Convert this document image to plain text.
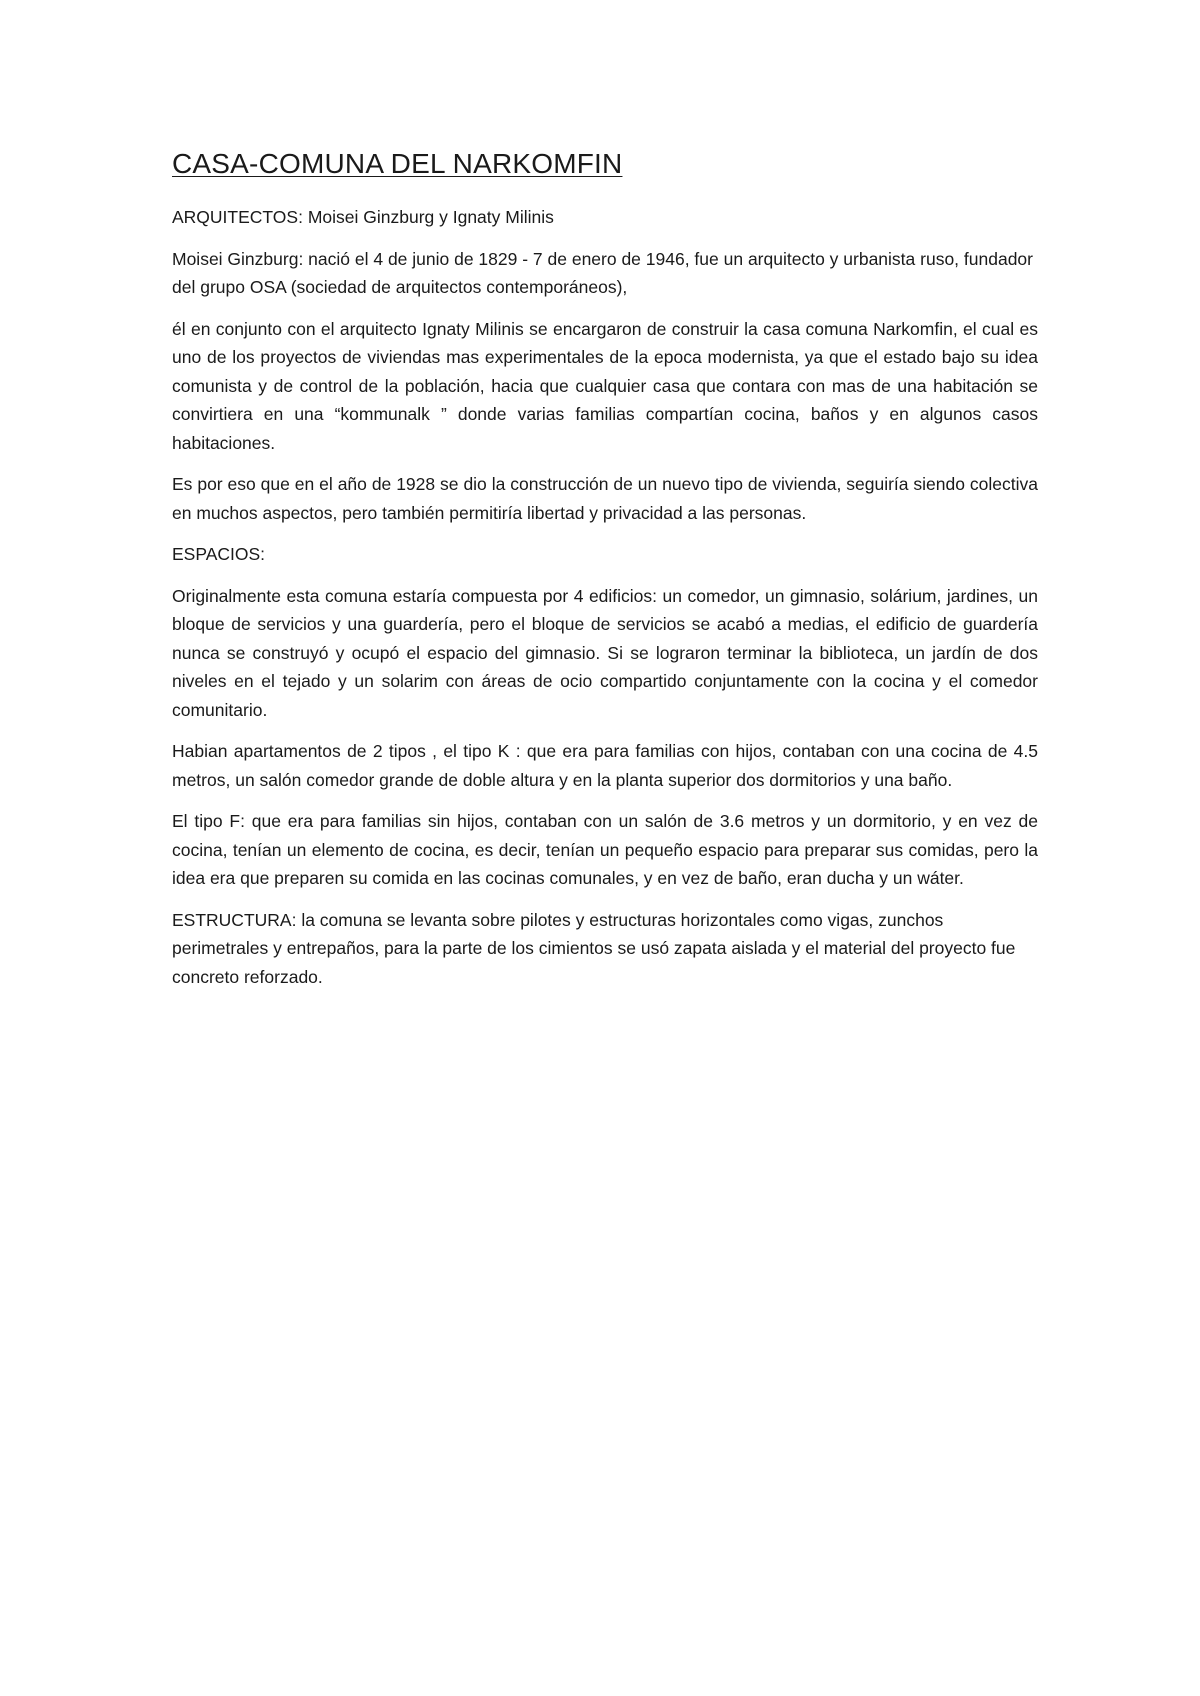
CASA-COMUNA DEL NARKOMFIN

ARQUITECTOS: Moisei Ginzburg y Ignaty Milinis

Moisei Ginzburg: nació el 4 de junio de 1829 - 7 de enero de 1946, fue un arquitecto y urbanista ruso, fundador del grupo OSA (sociedad de arquitectos contemporáneos),

él en conjunto con el arquitecto Ignaty Milinis se encargaron de construir la casa comuna Narkomfin, el cual es uno de los proyectos de viviendas mas experimentales de la epoca modernista, ya que el estado bajo su idea comunista y de control de la población, hacia que cualquier casa que contara con mas de una habitación se convirtiera en una “kommunalk ” donde varias familias compartían cocina, baños y en algunos casos habitaciones.

Es por eso que en el año de 1928 se dio la construcción de un nuevo tipo de vivienda, seguiría siendo colectiva en muchos aspectos, pero también permitiría libertad y privacidad a las personas.

ESPACIOS:

Originalmente esta comuna estaría compuesta por 4 edificios: un comedor, un gimnasio, solárium, jardines, un bloque de servicios y una guardería, pero el bloque de servicios se acabó a medias, el edificio de guardería nunca se construyó y ocupó el espacio del gimnasio. Si se lograron terminar la biblioteca, un jardín de dos niveles en el tejado y un solarim con áreas de ocio compartido conjuntamente con la cocina y el comedor comunitario.

Habian apartamentos de 2 tipos , el tipo K : que era para familias con hijos, contaban con una cocina de 4.5 metros, un salón comedor grande de doble altura y en la planta superior dos dormitorios y una baño.

El tipo F: que era para familias sin hijos, contaban con un salón de 3.6 metros y un dormitorio, y en vez de cocina, tenían un elemento de cocina, es decir, tenían un pequeño espacio para preparar sus comidas, pero la idea era que preparen su comida en las cocinas comunales, y en vez de baño, eran ducha y un wáter.

ESTRUCTURA: la comuna se levanta sobre pilotes y estructuras horizontales como vigas, zunchos perimetrales y entrepaños, para la parte de los cimientos se usó zapata aislada y el material del proyecto fue concreto reforzado.
